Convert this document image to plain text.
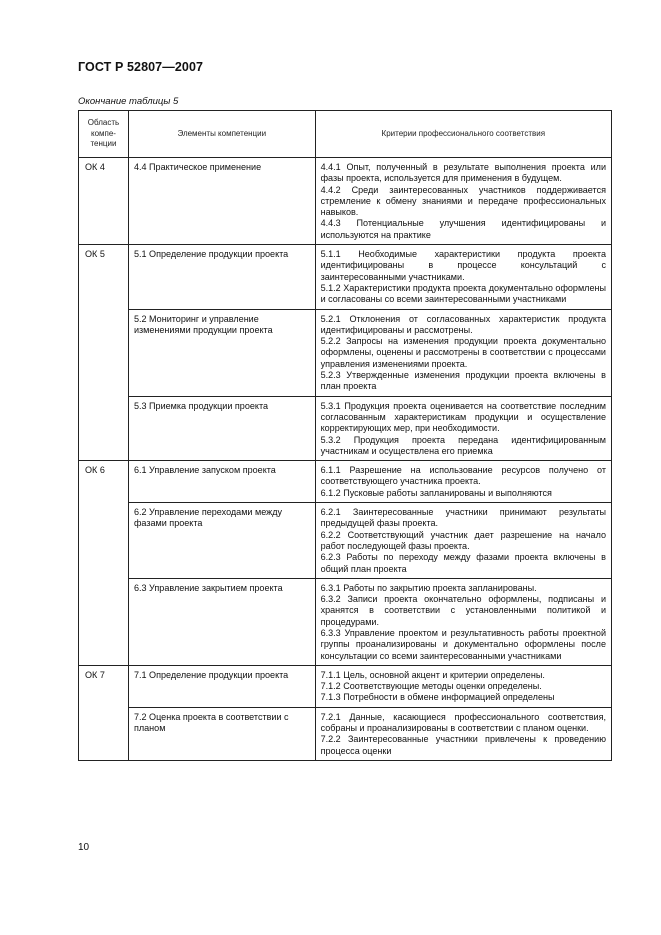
ГОСТ Р 52807—2007
Окончание таблицы 5
Область компе-тенции	Элементы компетенции	Критерии профессионального соответствия
ОК 4	4.4 Практическое применение	4.4.1 Опыт, полученный в результате выполнения проекта или фазы проекта, используется для применения в будущем.

4.4.2 Среди заинтересованных участников поддерживается стремление к обмену знаниями и передаче профессиональных навыков.

4.4.3 Потенциальные улучшения идентифицированы и используются на практике

ОК 5	5.1 Определение продукции проекта	5.1.1 Необходимые характеристики продукта проекта идентифицированы в процессе консультаций с заинтересованными участниками.

5.1.2 Характеристики продукта проекта документально оформлены и согласованы со всеми заинтересованными участниками

	5.2 Мониторинг и управление изменениями продукции проекта	5.2.1 Отклонения от согласованных характеристик продукта идентифицированы и рассмотрены.

5.2.2 Запросы на изменения продукции проекта документально оформлены, оценены и рассмотрены в соответствии с процессами управления изменениями проекта.

5.2.3 Утвержденные изменения продукции проекта включены в план проекта

	5.3 Приемка продукции проекта	5.3.1 Продукция проекта оценивается на соответствие последним согласованным характеристикам продукции и осуществление корректирующих мер, при необходимости.

5.3.2 Продукция проекта передана идентифицированным участникам и осуществлена его приемка

ОК 6	6.1 Управление запуском проекта	6.1.1 Разрешение на использование ресурсов получено от соответствующего участника проекта.

6.1.2 Пусковые работы запланированы и выполняются

	6.2 Управление переходами между фазами проекта	6.2.1 Заинтересованные участники принимают результаты предыдущей фазы проекта.

6.2.2 Соответствующий участник дает разрешение на начало работ последующей фазы проекта.

6.2.3 Работы по переходу между фазами проекта включены в общий план проекта

	6.3 Управление закрытием проекта	6.3.1 Работы по закрытию проекта запланированы.

6.3.2 Записи проекта окончательно оформлены, подписаны и хранятся в соответствии с установленными политикой и процедурами.

6.3.3 Управление проектом и результативность работы проектной группы проанализированы и документально оформлены после консультации со всеми заинтересованными участниками

ОК 7	7.1 Определение продукции проекта	7.1.1 Цель, основной акцент и критерии определены.

7.1.2 Соответствующие методы оценки определены.

7.1.3 Потребности в обмене информацией определены

	7.2 Оценка проекта в соответствии с планом	7.2.1 Данные, касающиеся профессионального соответствия, собраны и проанализированы в соответствии с планом оценки.

7.2.2 Заинтересованные участники привлечены к проведению процесса оценки

10
